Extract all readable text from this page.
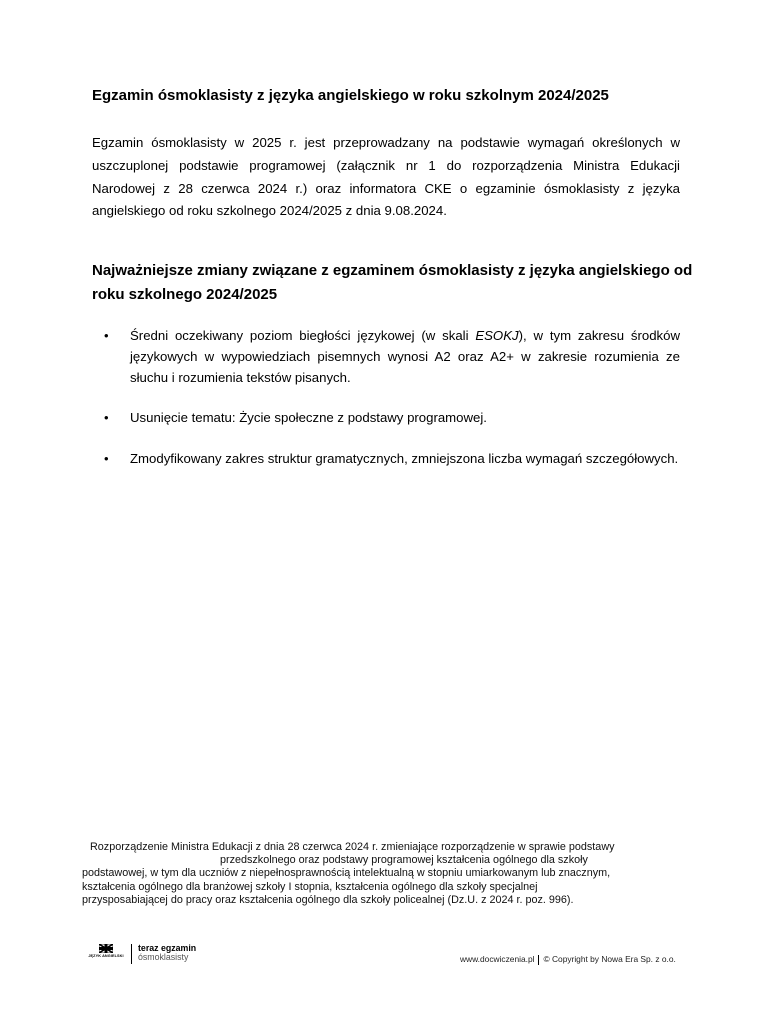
Egzamin ósmoklasisty z języka angielskiego w roku szkolnym 2024/2025
Egzamin ósmoklasisty w 2025 r. jest przeprowadzany na podstawie wymagań określonych w uszczuplonej podstawie programowej (załącznik nr 1 do rozporządzenia Ministra Edukacji Narodowej z 28 czerwca 2024 r.) oraz informatora CKE o egzaminie ósmoklasisty z języka angielskiego od roku szkolnego 2024/2025 z dnia 9.08.2024.
Najważniejsze zmiany związane z egzaminem ósmoklasisty z języka angielskiego od roku szkolnego 2024/2025
• Średni oczekiwany poziom biegłości językowej (w skali ESOKJ), w tym zakresu środków językowych w wypowiedziach pisemnych wynosi A2 oraz A2+ w zakresie rozumienia ze słuchu i rozumienia tekstów pisanych.
• Usunięcie tematu: Życie społeczne z podstawy programowej.
• Zmodyfikowany zakres struktur gramatycznych, zmniejszona liczba wymagań szczegółowych.
Rozporządzenie Ministra Edukacji z dnia 28 czerwca 2024 r. zmieniające rozporządzenie w sprawie podstawy
przedszkolnego oraz podstawy programowej kształcenia ogólnego dla szkoły
podstawowej, w tym dla uczniów z niepełnosprawnością intelektualną w stopniu umiarkowanym lub znacznym,
kształcenia ogólnego dla branżowej szkoły I stopnia, kształcenia ogólnego dla szkoły specjalnej
przysposabiającej do pracy oraz kształcenia ogólnego dla szkoły policealnej (Dz.U. z 2024 r. poz. 996).
JĘZYK ANGIELSKI
teraz egzamin
ósmoklasisty	www.docwiczenia.pl © Copyright by Nowa Era Sp. z o.o.
